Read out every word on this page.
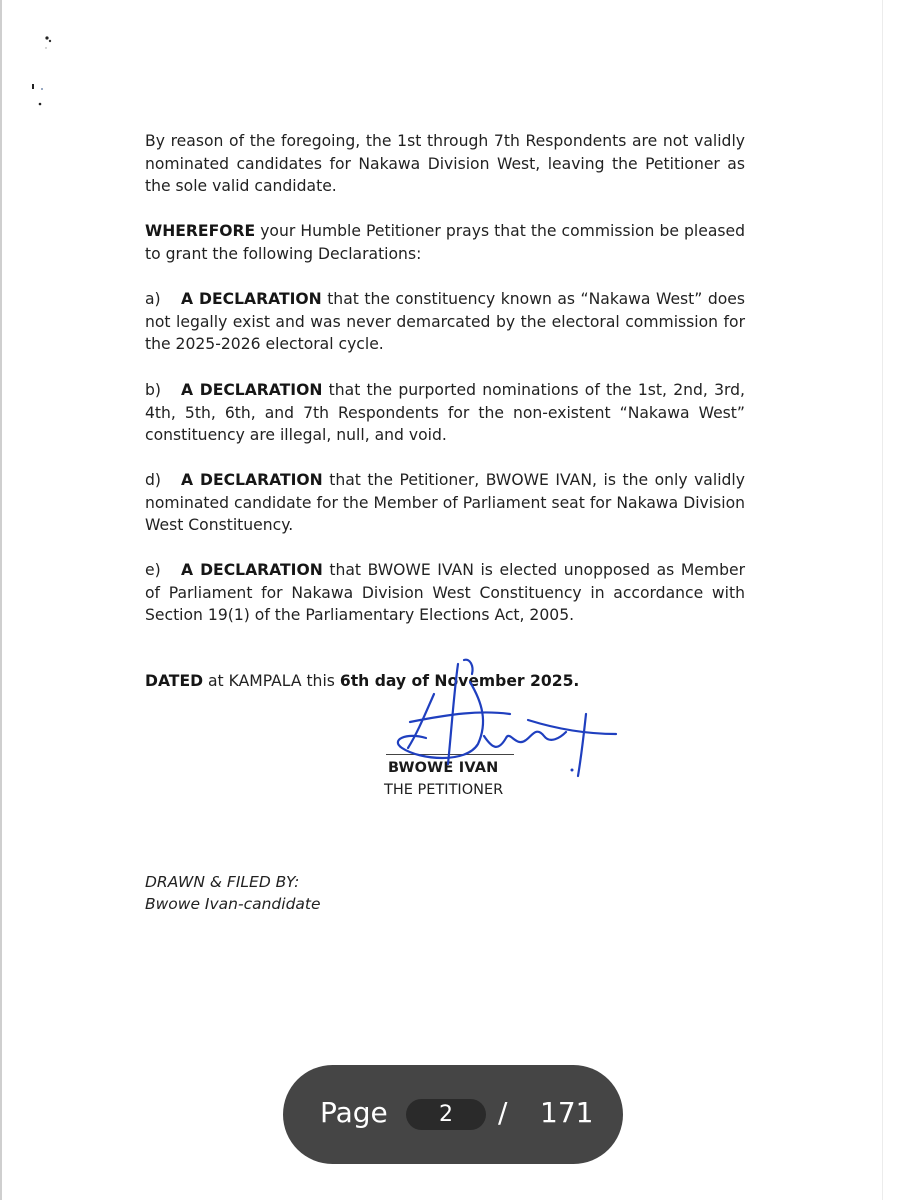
By reason of the foregoing, the 1st through 7th Respondents are not validly nominated candidates for Nakawa Division West, leaving the Petitioner as the sole valid candidate.

WHEREFORE your Humble Petitioner prays that the commission be pleased to grant the following Declarations:

a) A DECLARATION that the constituency known as “Nakawa West” does not legally exist and was never demarcated by the electoral commission for the 2025-2026 electoral cycle.

b) A DECLARATION that the purported nominations of the 1st, 2nd, 3rd, 4th, 5th, 6th, and 7th Respondents for the non-existent “Nakawa West” constituency are illegal, null, and void.

d) A DECLARATION that the Petitioner, BWOWE IVAN, is the only validly nominated candidate for the Member of Parliament seat for Nakawa Division West Constituency.

e) A DECLARATION that BWOWE IVAN is elected unopposed as Member of Parliament for Nakawa Division West Constituency in accordance with Section 19(1) of the Parliamentary Elections Act, 2005.

DATED at KAMPALA this 6th day of November 2025.

BWOWE IVAN
THE PETITIONER
DRAWN & FILED BY:
Bwowe Ivan-candidate
Page
2	/ 171
